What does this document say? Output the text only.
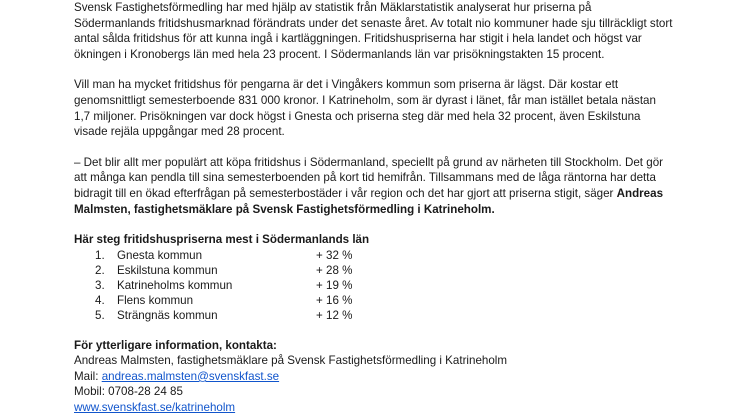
Svensk Fastighetsförmedling har med hjälp av statistik från Mäklarstatistik analyserat hur priserna på Södermanlands fritidshusmarknad förändrats under det senaste året. Av totalt nio kommuner hade sju tillräckligt stort antal sålda fritidshus för att kunna ingå i kartläggningen. Fritidshuspriserna har stigit i hela landet och högst var ökningen i Kronobergs län med hela 23 procent. I Södermanlands län var prisökningstakten 15 procent.

Vill man ha mycket fritidshus för pengarna är det i Vingåkers kommun som priserna är lägst. Där kostar ett genomsnittligt semesterboende 831 000 kronor. I Katrineholm, som är dyrast i länet, får man istället betala nästan 1,7 miljoner. Prisökningen var dock högst i Gnesta och priserna steg där med hela 32 procent, även Eskilstuna visade rejäla uppgångar med 28 procent.

– Det blir allt mer populärt att köpa fritidshus i Södermanland, speciellt på grund av närheten till Stockholm. Det gör att många kan pendla till sina semesterboenden på kort tid hemifrån. Tillsammans med de låga räntorna har detta bidragit till en ökad efterfrågan på semesterbostäder i vår region och det har gjort att priserna stigit, säger Andreas Malmsten, fastighetsmäklare på Svensk Fastighetsförmedling i Katrineholm.

Här steg fritidshuspriserna mest i Södermanlands län

1. Gnesta kommun	+ 32 %
2. Eskilstuna kommun	+ 28 %
3. Katrineholms kommun	+ 19 %
4. Flens kommun	+ 16 %
5. Strängnäs kommun	+ 12 %

För ytterligare information, kontakta:

Andreas Malmsten, fastighetsmäklare på Svensk Fastighetsförmedling i Katrineholm

Mail: andreas.malmsten@svenskfast.se

Mobil: 0708-28 24 85

www.svenskfast.se/katrineholm
